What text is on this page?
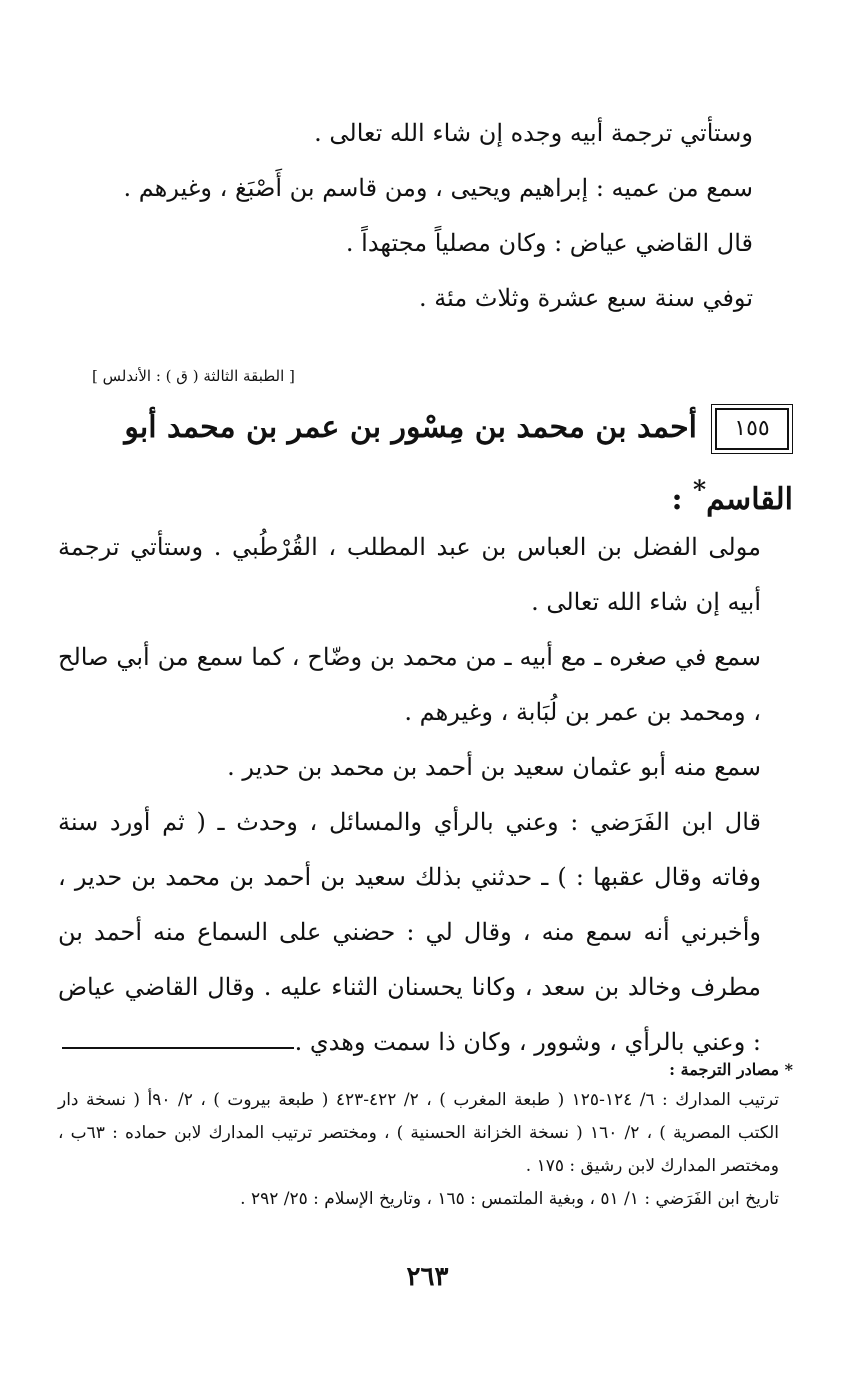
وستأتي ترجمة أبيه وجده إن شاء الله تعالى .

سمع من عميه : إبراهيم ويحيى ، ومن قاسم بن أَصْبَغ ، وغيرهم .

قال القاضي عياض : وكان مصلياً مجتهداً .

توفي سنة سبع عشرة وثلاث مئة .

[ الطبقة الثالثة ( ق ) : الأندلس ]
١٥٥أحمد بن محمد بن مِسْور بن عمر بن محمد أبو القاسم* :

مولى الفضل بن العباس بن عبد المطلب ، القُرْطُبي . وستأتي ترجمة أبيه إن شاء الله تعالى .

سمع في صغره ـ مع أبيه ـ من محمد بن وضّاح ، كما سمع من أبي صالح ، ومحمد بن عمر بن لُبَابة ، وغيرهم .

سمع منه أبو عثمان سعيد بن أحمد بن محمد بن حدير .

قال ابن الفَرَضي : وعني بالرأي والمسائل ، وحدث ـ ( ثم أورد سنة وفاته وقال عقبها : ) ـ حدثني بذلك سعيد بن أحمد بن محمد بن حدير ، وأخبرني أنه سمع منه ، وقال لي : حضني على السماع منه أحمد بن مطرف وخالد بن سعد ، وكانا يحسنان الثناء عليه . وقال القاضي عياض : وعني بالرأي ، وشوور ، وكان ذا سمت وهدي .

* مصادر الترجمة :

ترتيب المدارك : ٦/ ١٢٤-١٢٥ ( طبعة المغرب ) ، ٢/ ٤٢٢-٤٢٣ ( طبعة بيروت ) ، ٢/ ٩٠أ ( نسخة دار الكتب المصرية ) ، ٢/ ١٦٠ ( نسخة الخزانة الحسنية ) ، ومختصر ترتيب المدارك لابن حماده : ٦٣ب ، ومختصر المدارك لابن رشيق : ١٧٥ .

تاريخ ابن الفَرَضي : ١/ ٥١ ، وبغية الملتمس : ١٦٥ ، وتاريخ الإسلام : ٢٥/ ٢٩٢ .

٢٦٣
